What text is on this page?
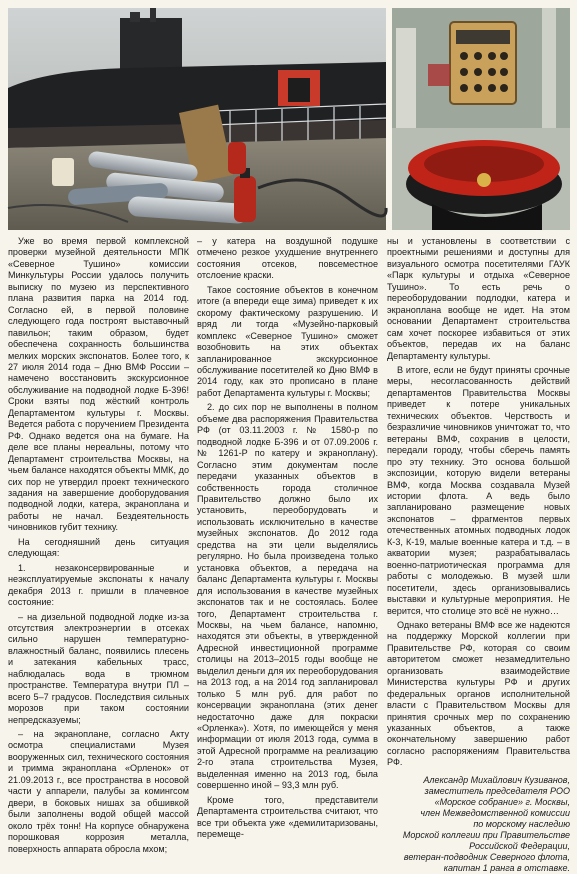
Уже во время первой комплексной проверки музейной деятельности МПК «Северное Тушино» комиссии Минкультуры России удалось получить выписку по музею из перспективного плана развития парка на 2014 год. Согласно ей, в первой половине следующего года построят выставочный павильон; таким образом, будет обеспечена сохранность большинства мелких морских экспонатов. Более того, к 27 июля 2014 года – Дню ВМФ России – намечено восстановить экскурсионное обслуживание на подводной лодке Б-396! Сроки взяты под жёсткий контроль Департаментом культуры г. Москвы. Ведется работа с поручением Президента РФ. Однако ведется она на бумаге. На деле все планы нереальны, потому что Департамент строительства Москвы, на чьем балансе находятся объекты ММК, до сих пор не утвердил проект технического задания на завершение дооборудования подводной лодки, катера, экраноплана и работы не начал. Бездеятельность чиновников губит технику.

На сегодняшний день ситуация следующая:

1. незаконсервированные и неэксплуатируемые экспонаты к началу декабря 2013 г. пришли в плачевное состояние:

– на дизельной подводной лодке из-за отсутствия электроэнергии в отсеках сильно нарушен температурно-влажностный баланс, появились плесень и затекания кабельных трасс, наблюдалась вода в трюмном пространстве. Температура внутри ПЛ – всего 5–7 градусов. Последствия сильных морозов при таком состоянии непредсказуемы;

– на экраноплане, согласно Акту осмотра специалистами Музея вооруженных сил, технического состояния и тримма экраноплана «Орленок» от 21.09.2013 г., все пространства в носовой части у аппарели, палубы за комингсом двери, в боковых нишах за обшивкой были заполнены водой общей массой около трёх тонн! На корпусе обнаружена порошковая коррозия металла, поверхность аппарата обросла мхом;

– у катера на воздушной подушке отмечено резкое ухудшение внутреннего состояния отсеков, повсеместное отслоение краски.

Такое состояние объектов в конечном итоге (а впереди еще зима) приведет к их скорому фактическому разрушению. И вряд ли тогда «Музейно-парковый комплекс «Северное Тушино» сможет возобновить на этих объектах запланированное экскурсионное обслуживание посетителей ко Дню ВМФ в 2014 году, как это прописано в плане работ Департамента культуры г. Москвы;

2. до сих пор не выполнены в полном объеме два распоряжения Правительства РФ (от 03.11.2003 г. № 1580-р по подводной лодке Б-396 и от 07.09.2006 г. № 1261-Р по катеру и экраноплану). Согласно этим документам после передачи указанных объектов в собственность города столичное Правительство должно было их установить, переоборудовать и использовать исключительно в качестве музейных экспонатов. До 2012 года средства на эти цели выделялись регулярно. Но была произведена только установка объектов, а передача на баланс Департамента культуры г. Москвы для использования в качестве музейных экспонатов так и не состоялась. Более того, Департамент строительства г. Москвы, на чьем балансе, напомню, находятся эти объекты, в утвержденной Адресной инвестиционной программе столицы на 2013–2015 годы вообще не выделил деньги для их переоборудования на 2013 год, а на 2014 год запланировал только 5 млн руб. для работ по консервации экраноплана (этих денег недостаточно даже для покраски «Орленка»). Хотя, по имеющейся у меня информации от июля 2013 года, сумма в этой Адресной программе на реализацию 2-го этапа строительства Музея, выделенная именно на 2013 год, была совершенно иной – 93,3 млн руб.

Кроме того, представители Департамента строительства считают, что все три объекта уже «демилитаризованы, перемеще-

ны и установлены в соответствии с проектными решениями и доступны для визуального осмотра посетителями ГАУК «Парк культуры и отдыха «Северное Тушино». То есть речь о переоборудовании подлодки, катера и экраноплана вообще не идет. На этом основании Департамент строительства сам хочет поскорее избавиться от этих объектов, передав их на баланс Департаменту культуры.

В итоге, если не будут приняты срочные меры, несогласованность действий департаментов Правительства Москвы приведет к потере уникальных технических объектов. Черствость и безразличие чиновников уничтожат то, что ветераны ВМФ, сохранив в целости, передали городу, чтобы сберечь память про эту технику. Это основа большой экспозиции, которую видели ветераны ВМФ, когда Москва создавала Музей истории флота. А ведь было запланировано размещение новых экспонатов – фрагментов первых отечественных атомных подводных лодок К-3, К-19, малые военные катера и т.д. – в акватории музея; разрабатывалась военно-патриотическая программа для работы с молодежью. В музей шли посетители, здесь организовывались выставки и культурные мероприятия. Не верится, что столице это всё не нужно…

Однако ветераны ВМФ все же надеются на поддержку Морской коллегии при Правительстве РФ, которая со своим авторитетом сможет незамедлительно организовать взаимодействие Министерства культуры РФ и других федеральных органов исполнительной власти с Правительством Москвы для принятия срочных мер по сохранению указанных объектов, а также окончательному завершению работ согласно распоряжениям Правительства РФ.

Александр Михайлович Кузиванов,
заместитель председателя РОО
«Морское собрание» г. Москвы,
член Межведомственной комиссии
по морскому наследию
Морской коллегии при Правительстве
Российской Федерации,
ветеран-подводник Северного флота,
капитан 1 ранга в отставке.
